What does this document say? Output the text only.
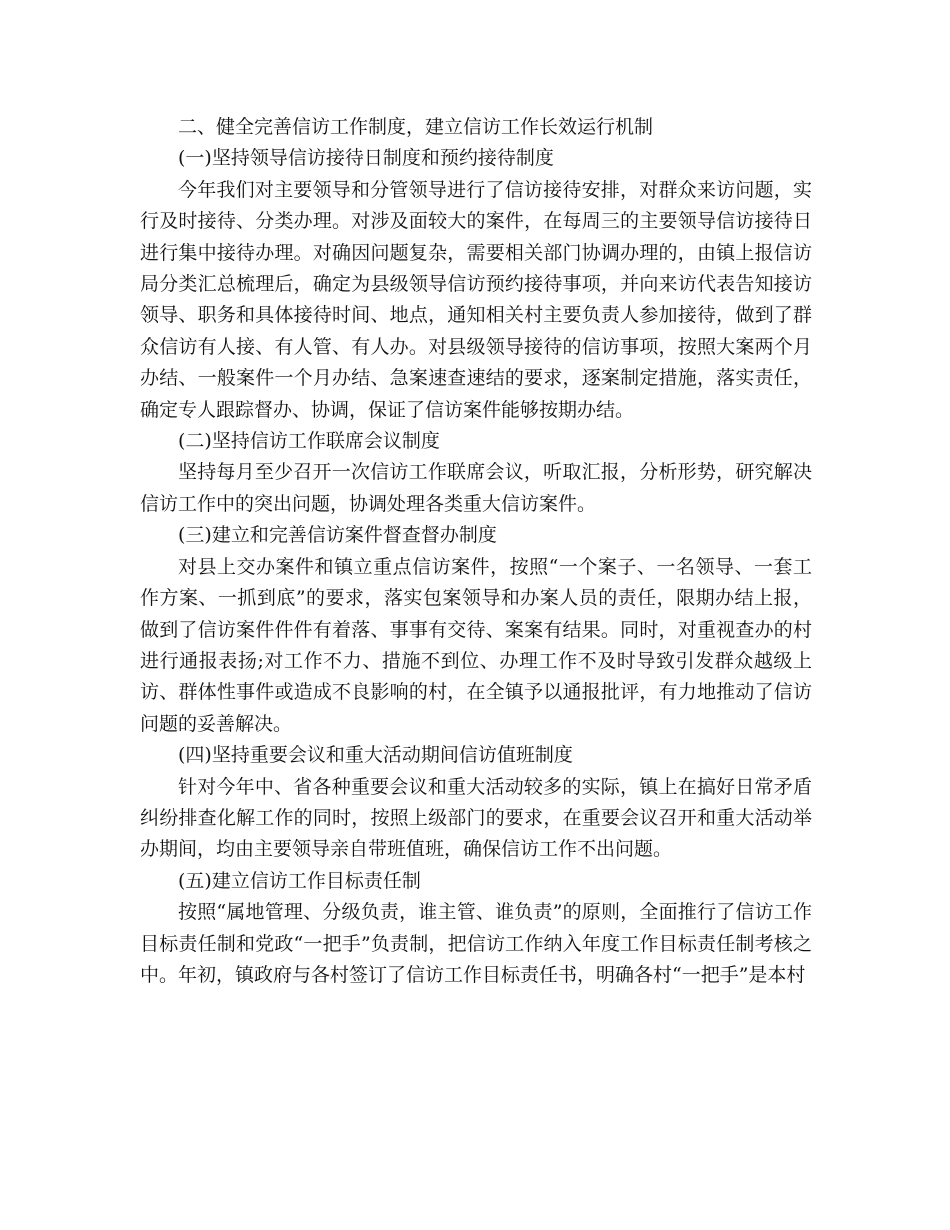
二、健全完善信访工作制度，建立信访工作长效运行机制

(一)坚持领导信访接待日制度和预约接待制度

今年我们对主要领导和分管领导进行了信访接待安排，对群众来访问题，实行及时接待、分类办理。对涉及面较大的案件，在每周三的主要领导信访接待日进行集中接待办理。对确因问题复杂，需要相关部门协调办理的，由镇上报信访局分类汇总梳理后，确定为县级领导信访预约接待事项，并向来访代表告知接访领导、职务和具体接待时间、地点，通知相关村主要负责人参加接待，做到了群众信访有人接、有人管、有人办。对县级领导接待的信访事项，按照大案两个月办结、一般案件一个月办结、急案速查速结的要求，逐案制定措施，落实责任，确定专人跟踪督办、协调，保证了信访案件能够按期办结。

(二)坚持信访工作联席会议制度

坚持每月至少召开一次信访工作联席会议，听取汇报，分析形势，研究解决信访工作中的突出问题，协调处理各类重大信访案件。

(三)建立和完善信访案件督查督办制度

对县上交办案件和镇立重点信访案件，按照“一个案子、一名领导、一套工作方案、一抓到底”的要求，落实包案领导和办案人员的责任，限期办结上报，做到了信访案件件件有着落、事事有交待、案案有结果。同时，对重视查办的村进行通报表扬;对工作不力、措施不到位、办理工作不及时导致引发群众越级上访、群体性事件或造成不良影响的村，在全镇予以通报批评，有力地推动了信访问题的妥善解决。

(四)坚持重要会议和重大活动期间信访值班制度

针对今年中、省各种重要会议和重大活动较多的实际，镇上在搞好日常矛盾纠纷排查化解工作的同时，按照上级部门的要求，在重要会议召开和重大活动举办期间，均由主要领导亲自带班值班，确保信访工作不出问题。

(五)建立信访工作目标责任制

按照“属地管理、分级负责，谁主管、谁负责”的原则，全面推行了信访工作目标责任制和党政“一把手”负责制，把信访工作纳入年度工作目标责任制考核之中。年初，镇政府与各村签订了信访工作目标责任书，明确各村“一把手”是本村
